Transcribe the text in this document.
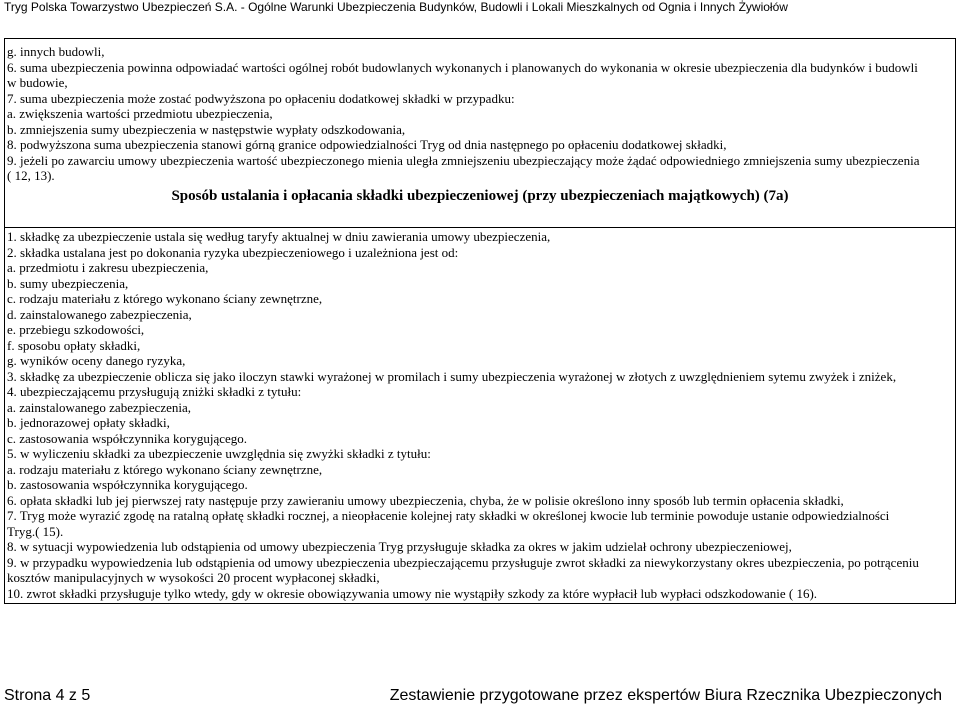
Tryg Polska Towarzystwo Ubezpieczeń S.A. - Ogólne Warunki Ubezpieczenia Budynków, Budowli i Lokali Mieszkalnych od Ognia i Innych Żywiołów
g. innych budowli,
6. suma ubezpieczenia powinna odpowiadać wartości ogólnej robót budowlanych wykonanych i planowanych do wykonania w okresie ubezpieczenia dla budynków i budowli
w budowie,
7. suma ubezpieczenia może zostać podwyższona po opłaceniu dodatkowej składki w przypadku:
a. zwiększenia wartości przedmiotu ubezpieczenia,
b. zmniejszenia sumy ubezpieczenia w następstwie wypłaty odszkodowania,
8. podwyższona suma ubezpieczenia stanowi górną granice odpowiedzialności Tryg od dnia następnego po opłaceniu dodatkowej składki,
9. jeżeli po zawarciu umowy ubezpieczenia wartość ubezpieczonego mienia uległa zmniejszeniu ubezpieczający może żądać odpowiedniego zmniejszenia sumy ubezpieczenia
( 12, 13).
Sposób ustalania i opłacania składki ubezpieczeniowej (przy ubezpieczeniach majątkowych) (7a)
1. składkę za ubezpieczenie ustala się według taryfy aktualnej w dniu zawierania umowy ubezpieczenia,
2. składka ustalana jest po dokonania ryzyka ubezpieczeniowego i uzależniona jest od:
a. przedmiotu i zakresu ubezpieczenia,
b. sumy ubezpieczenia,
c. rodzaju materiału z którego wykonano ściany zewnętrzne,
d. zainstalowanego zabezpieczenia,
e. przebiegu szkodowości,
f. sposobu opłaty składki,
g. wyników oceny danego ryzyka,
3. składkę za ubezpieczenie oblicza się jako iloczyn stawki wyrażonej w promilach i sumy ubezpieczenia wyrażonej w złotych z uwzględnieniem sytemu zwyżek i zniżek,
4. ubezpieczającemu przysługują zniżki składki z tytułu:
a. zainstalowanego zabezpieczenia,
b. jednorazowej opłaty składki,
c. zastosowania współczynnika korygującego.
5. w wyliczeniu składki za ubezpieczenie uwzględnia się zwyżki składki z tytułu:
a. rodzaju materiału z którego wykonano ściany zewnętrzne,
b. zastosowania współczynnika korygującego.
6. opłata składki lub jej pierwszej raty następuje przy zawieraniu umowy ubezpieczenia, chyba, że w polisie określono inny sposób lub termin opłacenia składki,
7. Tryg może wyrazić zgodę na ratalną opłatę składki rocznej, a nieopłacenie kolejnej raty składki w określonej kwocie lub terminie powoduje ustanie odpowiedzialności
Tryg.( 15).
8. w sytuacji wypowiedzenia lub odstąpienia od umowy ubezpieczenia Tryg przysługuje składka za okres w jakim udzielał ochrony ubezpieczeniowej,
9. w przypadku wypowiedzenia lub odstąpienia od umowy ubezpieczenia ubezpieczającemu przysługuje zwrot składki za niewykorzystany okres ubezpieczenia, po potrąceniu
kosztów manipulacyjnych w wysokości 20 procent wypłaconej składki,
10. zwrot składki przysługuje tylko wtedy, gdy w okresie obowiązywania umowy nie wystąpiły szkody za które wypłacił lub wypłaci odszkodowanie ( 16).
Strona 4 z 5	Zestawienie przygotowane przez ekspertów Biura Rzecznika Ubezpieczonych
